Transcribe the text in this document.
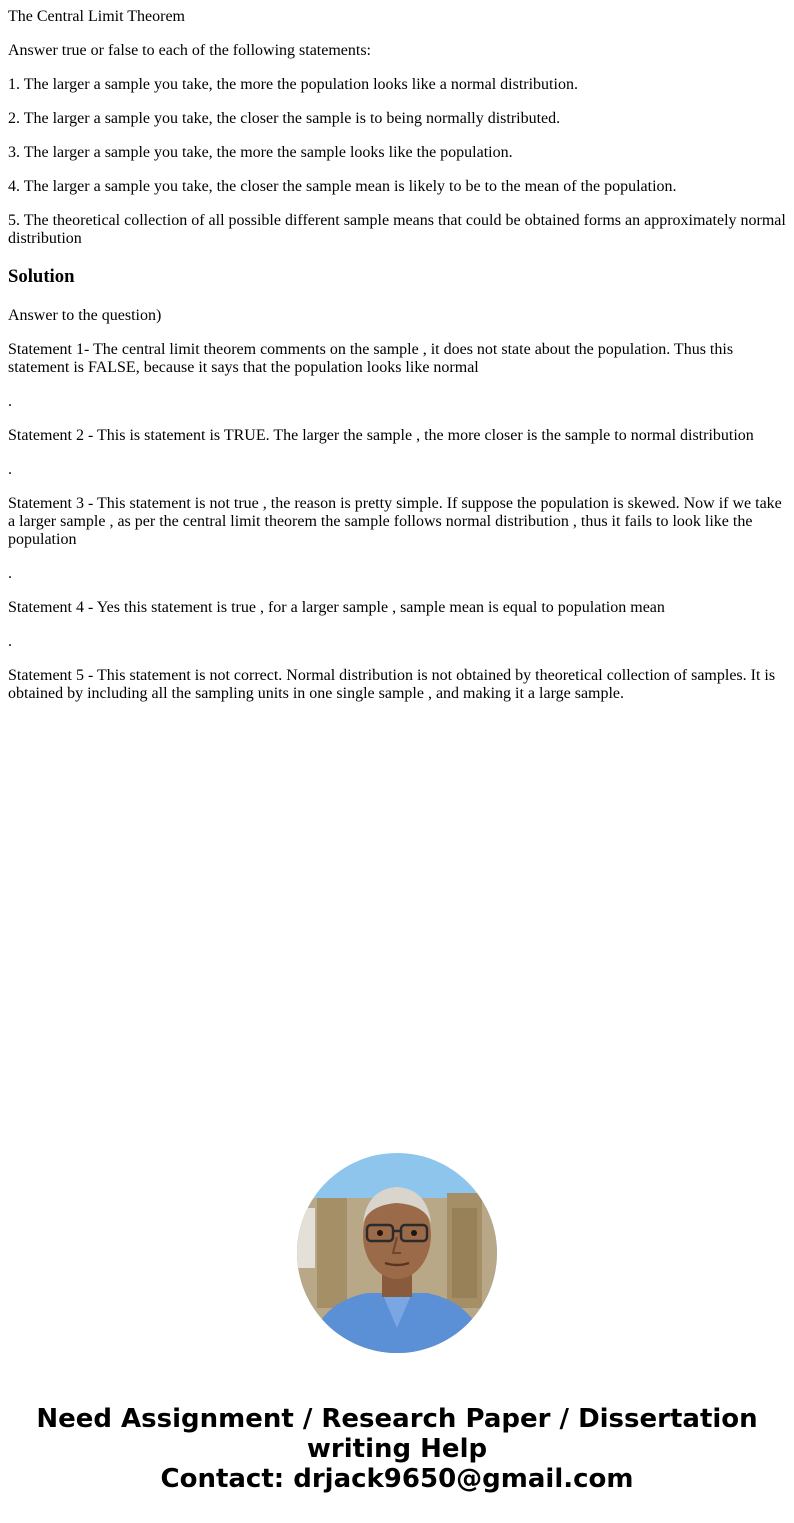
The Central Limit Theorem

Answer true or false to each of the following statements:

1. The larger a sample you take, the more the population looks like a normal distribution.

2. The larger a sample you take, the closer the sample is to being normally distributed.

3. The larger a sample you take, the more the sample looks like the population.

4. The larger a sample you take, the closer the sample mean is likely to be to the mean of the population.

5. The theoretical collection of all possible different sample means that could be obtained forms an approximately normal distribution

Solution

Answer to the question)

Statement 1- The central limit theorem comments on the sample , it does not state about the population. Thus this statement is FALSE, because it says that the population looks like normal

.

Statement 2 - This is statement is TRUE. The larger the sample , the more closer is the sample to normal distribution

.

Statement 3 - This statement is not true , the reason is pretty simple. If suppose the population is skewed. Now if we take a larger sample , as per the central limit theorem the sample follows normal distribution , thus it fails to look like the population

.

Statement 4 - Yes this statement is true , for a larger sample , sample mean is equal to population mean

.

Statement 5 - This statement is not correct. Normal distribution is not obtained by theoretical collection of samples. It is obtained by including all the sampling units in one single sample , and making it a large sample.

Need Assignment / Research Paper / Dissertation
writing Help
Contact: drjack9650@gmail.com
